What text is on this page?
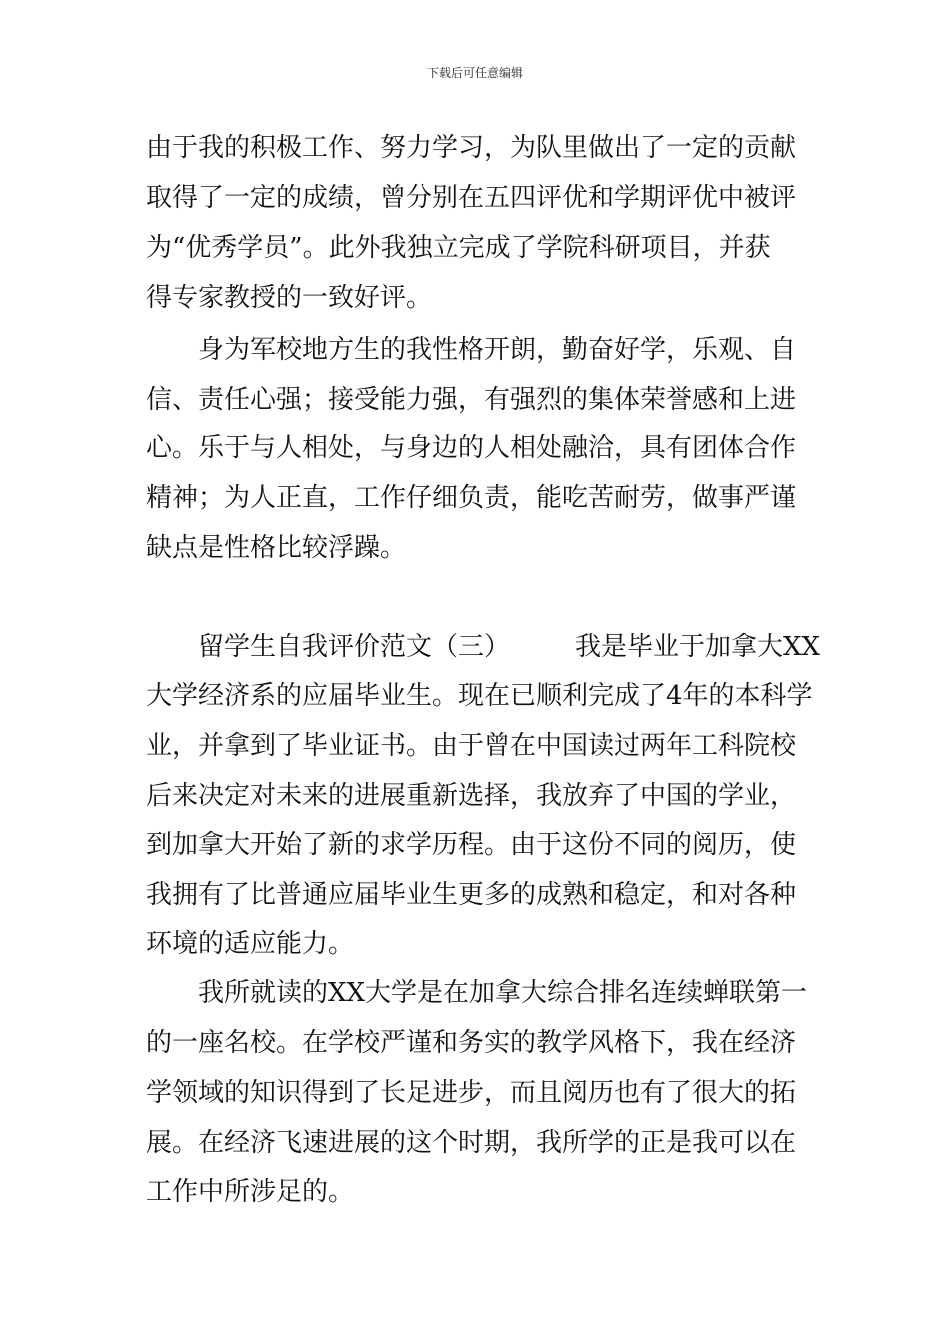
下载后可任意编辑
由于我的积极工作、努力学习，为队里做出了一定的贡献
取得了一定的成绩，曾分别在五四评优和学期评优中被评
为“优秀学员”。此外我独立完成了学院科研项目，并获
得专家教授的一致好评。
身为军校地方生的我性格开朗，勤奋好学，乐观、自
信、责任心强；接受能力强，有强烈的集体荣誉感和上进
心。乐于与人相处，与身边的人相处融洽，具有团体合作
精神；为人正直，工作仔细负责，能吃苦耐劳，做事严谨
缺点是性格比较浮躁。
留学生自我评价范文（三）　　　我是毕业于加拿大XX
大学经济系的应届毕业生。现在已顺利完成了4年的本科学
业，并拿到了毕业证书。由于曾在中国读过两年工科院校
后来决定对未来的进展重新选择，我放弃了中国的学业，
到加拿大开始了新的求学历程。由于这份不同的阅历，使
我拥有了比普通应届毕业生更多的成熟和稳定，和对各种
环境的适应能力。
我所就读的XX大学是在加拿大综合排名连续蝉联第一
的一座名校。在学校严谨和务实的教学风格下，我在经济
学领域的知识得到了长足进步，而且阅历也有了很大的拓
展。在经济飞速进展的这个时期，我所学的正是我可以在
工作中所涉足的。
